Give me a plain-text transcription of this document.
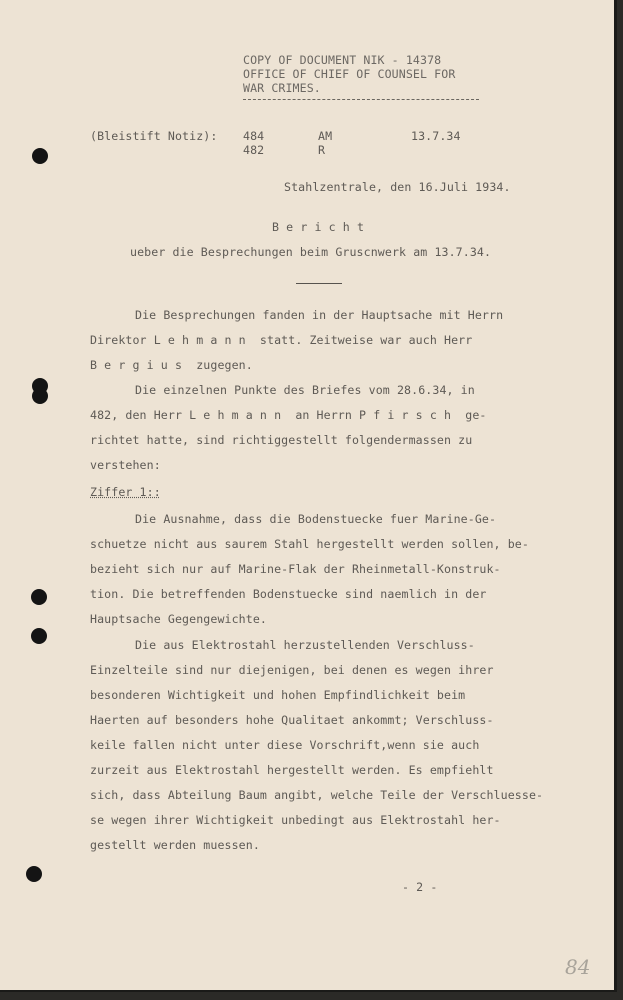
COPY OF DOCUMENT NIK - 14378
OFFICE OF CHIEF OF COUNSEL FOR
WAR CRIMES.
(Bleistift Notiz): 484
482
AM
R
13.7.34
Stahlzentrale, den 16.Juli 1934.
B e r i c h t
ueber die Besprechungen beim Gruscnwerk am 13.7.34.
Die Besprechungen fanden in der Hauptsache mit Herrn
Direktor L e h m a n n  statt. Zeitweise war auch Herr
B e r g i u s  zugegen.
Die einzelnen Punkte des Briefes vom 28.6.34, in
482, den Herr L e h m a n n  an Herrn P f i r s c h  ge-
richtet hatte, sind richtiggestellt folgendermassen zu
verstehen:
Ziffer 1::
Die Ausnahme, dass die Bodenstuecke fuer Marine-Ge-
schuetze nicht aus saurem Stahl hergestellt werden sollen, be-
bezieht sich nur auf Marine-Flak der Rheinmetall-Konstruk-
tion. Die betreffenden Bodenstuecke sind naemlich in der
Hauptsache Gegengewichte.
Die aus Elektrostahl herzustellenden Verschluss-
Einzelteile sind nur diejenigen, bei denen es wegen ihrer
besonderen Wichtigkeit und hohen Empfindlichkeit beim
Haerten auf besonders hohe Qualitaet ankommt; Verschluss-
keile fallen nicht unter diese Vorschrift,wenn sie auch
zurzeit aus Elektrostahl hergestellt werden. Es empfiehlt
sich, dass Abteilung Baum angibt, welche Teile der Verschluesse-
se wegen ihrer Wichtigkeit unbedingt aus Elektrostahl her-
gestellt werden muessen.
- 2 -
84
